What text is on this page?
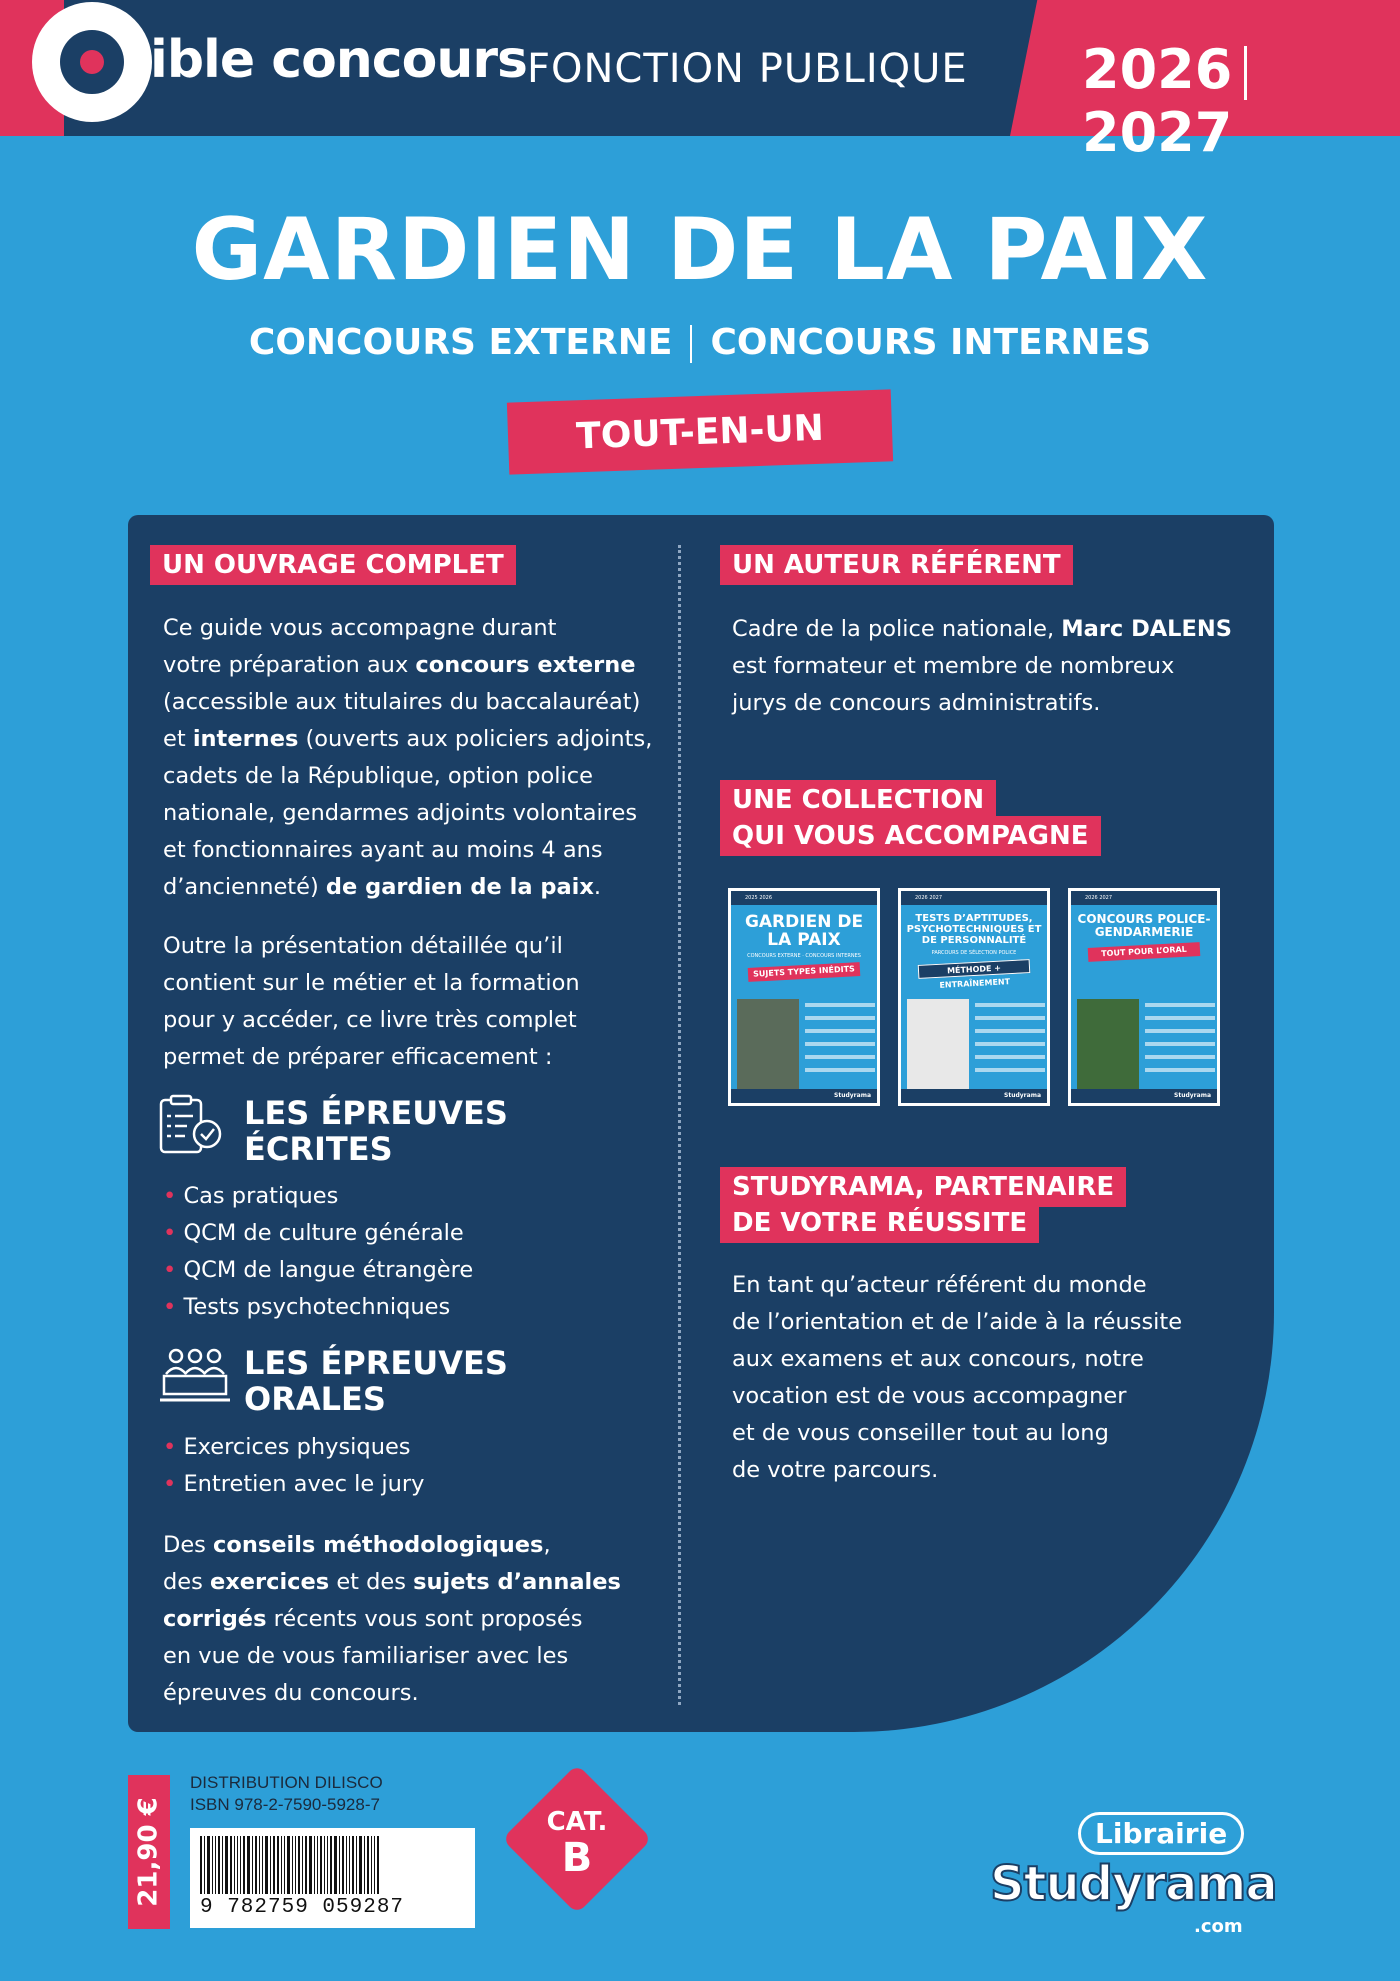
ible concours FONCTION PUBLIQUE 20262027
GARDIEN DE LA PAIX
CONCOURS EXTERNE CONCOURS INTERNES
TOUT-EN-UN
UN OUVRAGE COMPLET
Ce guide vous accompagne durant
votre préparation aux concours externe
(accessible aux titulaires du baccalauréat)
et internes (ouverts aux policiers adjoints,
cadets de la République, option police
nationale, gendarmes adjoints volontaires
et fonctionnaires ayant au moins 4 ans
d’ancienneté) de gardien de la paix.
Outre la présentation détaillée qu’il
contient sur le métier et la formation
pour y accéder, ce livre très complet
permet de préparer efficacement :
LES ÉPREUVES
ÉCRITES
• Cas pratiques
• QCM de culture générale
• QCM de langue étrangère
• Tests psychotechniques
LES ÉPREUVES
ORALES
• Exercices physiques
• Entretien avec le jury
Des conseils méthodologiques,
des exercices et des sujets d’annales
corrigés récents vous sont proposés
en vue de vous familiariser avec les
épreuves du concours.
UN AUTEUR RÉFÉRENT
Cadre de la police nationale, Marc DALENS
est formateur et membre de nombreux
jurys de concours administratifs.
UNE COLLECTION
QUI VOUS ACCOMPAGNE
2025 2026
GARDIEN DE LA PAIX
CONCOURS EXTERNE · CONCOURS INTERNES
SUJETS TYPES INÉDITS
Studyrama
2026 2027
TESTS D’APTITUDES, PSYCHOTECHNIQUES ET DE PERSONNALITÉ
PARCOURS DE SÉLECTION POLICE
MÉTHODE + ENTRAÎNEMENT
Studyrama
2026 2027
CONCOURS POLICE-GENDARMERIE
TOUT POUR L’ORAL
Studyrama
STUDYRAMA, PARTENAIRE
DE VOTRE RÉUSSITE
En tant qu’acteur référent du monde
de l’orientation et de l’aide à la réussite
aux examens et aux concours, notre
vocation est de vous accompagner
et de vous conseiller tout au long
de votre parcours.
21,90 €
DISTRIBUTION DILISCO
ISBN 978-2-7590-5928-7
9 782759 059287
CAT.
B
Librairie
Studyrama
.com
